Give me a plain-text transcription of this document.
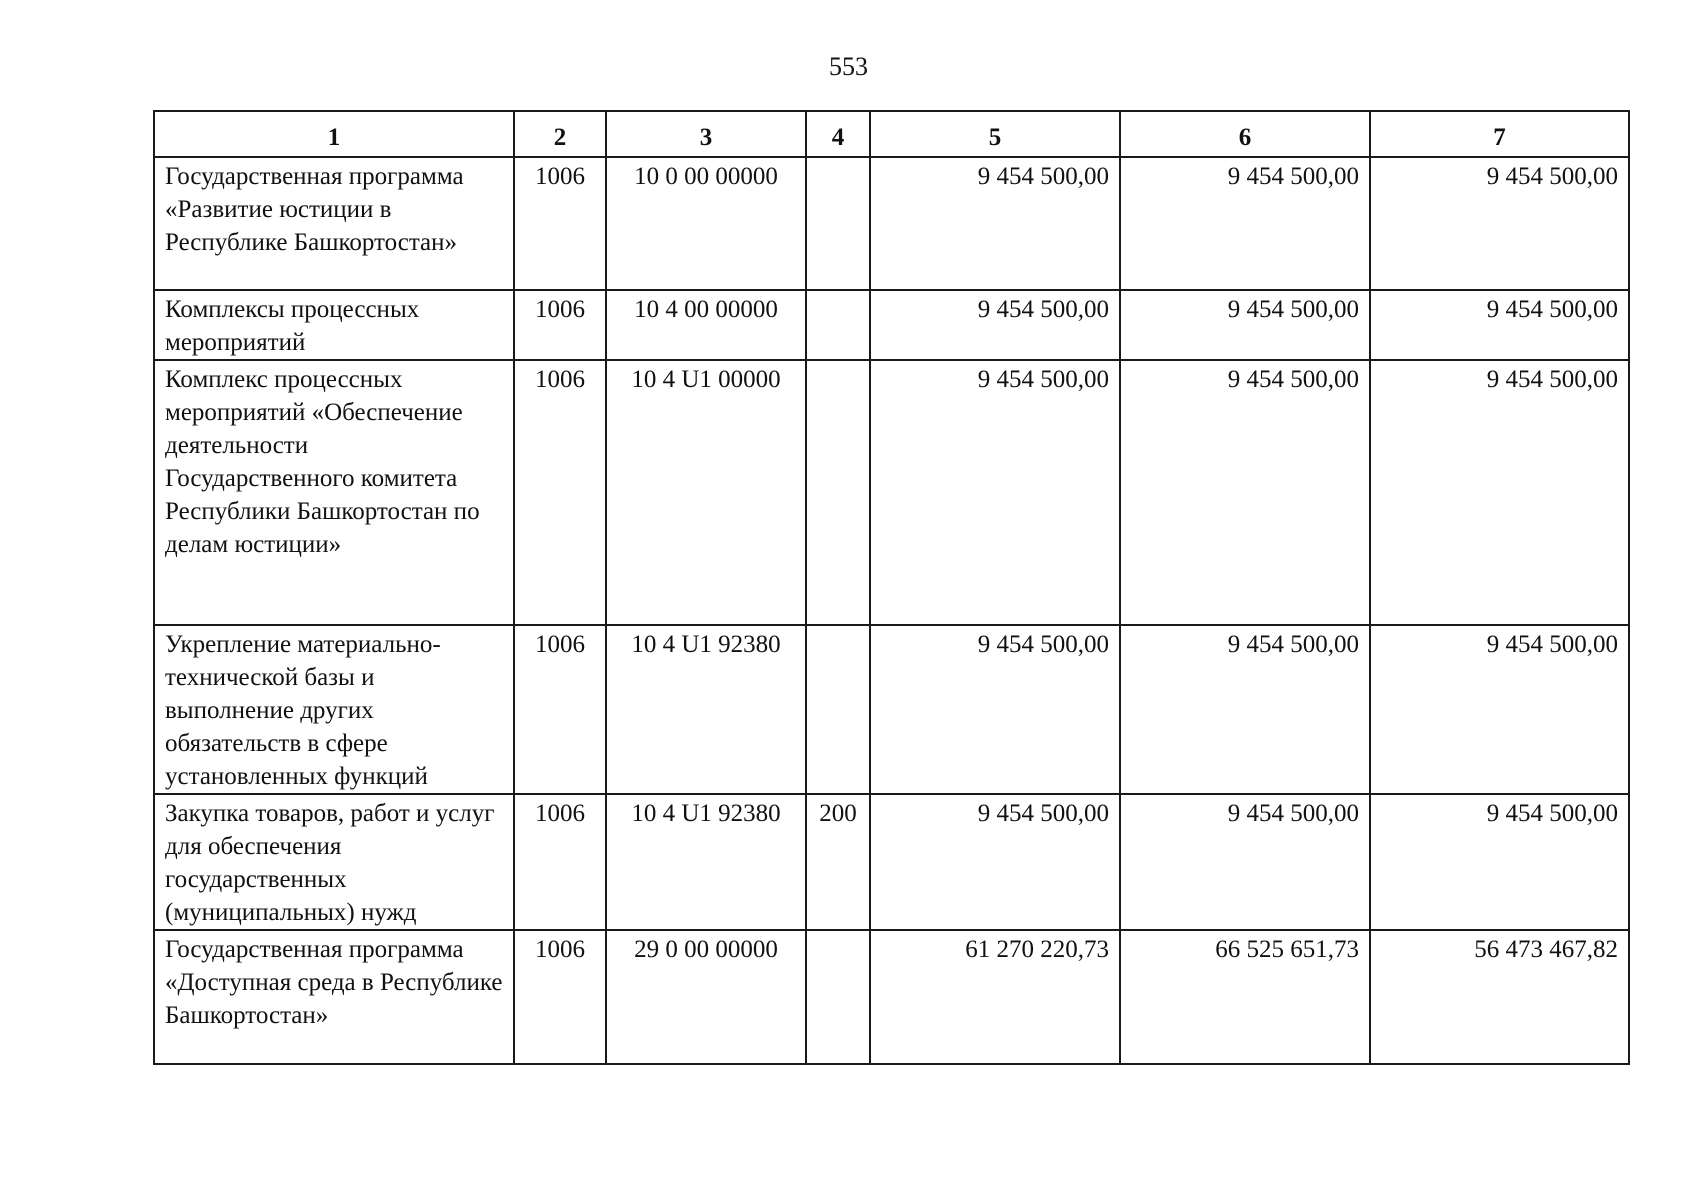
553
1	2	3	4	5	6	7
Государственная программа «Развитие юстиции в Республике Башкортостан»	1006	10 0 00 00000		9 454 500,00	9 454 500,00	9 454 500,00
Комплексы процессных мероприятий	1006	10 4 00 00000		9 454 500,00	9 454 500,00	9 454 500,00
Комплекс процессных мероприятий «Обеспечение деятельности Государственного комитета Республики Башкортостан по делам юстиции»	1006	10 4 U1 00000		9 454 500,00	9 454 500,00	9 454 500,00
Укрепление материально-технической базы и выполнение других обязательств в сфере установленных функций	1006	10 4 U1 92380		9 454 500,00	9 454 500,00	9 454 500,00
Закупка товаров, работ и услуг для обеспечения государственных (муниципальных) нужд	1006	10 4 U1 92380	200	9 454 500,00	9 454 500,00	9 454 500,00
Государственная программа «Доступная среда в Республике Башкортостан»	1006	29 0 00 00000		61 270 220,73	66 525 651,73	56 473 467,82
